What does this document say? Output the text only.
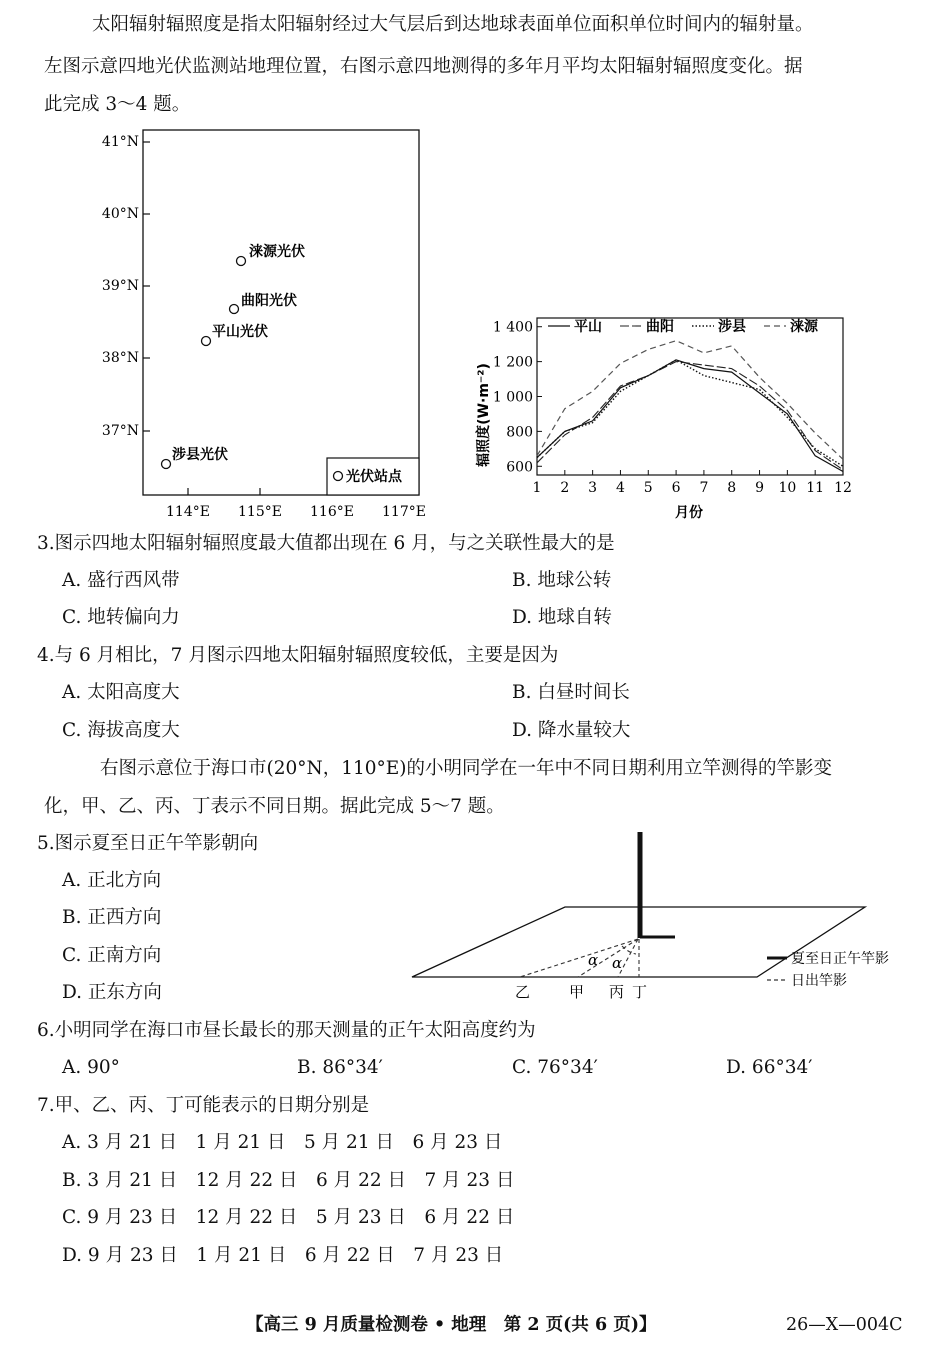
太阳辐射辐照度是指太阳辐射经过大气层后到达地球表面单位面积单位时间内的辐射量。
左图示意四地光伏监测站地理位置，右图示意四地测得的多年月平均太阳辐射辐照度变化。据
此完成 3～4 题。
41°N
40°N
39°N
38°N
37°N
114°E 115°E 116°E 117°E
涞源光伏
曲阳光伏
平山光伏
涉县光伏
光伏站点
600
800
1 000
1 200
1 400
1 2 3 4 5 6 7 8 9 10 11 12
平山	曲阳	涉县	涞源
辐照度(W·m⁻²)
月份
3.图示四地太阳辐射辐照度最大值都出现在 6 月，与之关联性最大的是
A. 盛行西风带	B. 地球公转
C. 地转偏向力	D. 地球自转
4.与 6 月相比，7 月图示四地太阳辐射辐照度较低，主要是因为
A. 太阳高度大	B. 白昼时间长
C. 海拔高度大	D. 降水量较大
右图示意位于海口市(20°N，110°E)的小明同学在一年中不同日期利用立竿测得的竿影变
化，甲、乙、丙、丁表示不同日期。据此完成 5～7 题。
5.图示夏至日正午竿影朝向
A. 正北方向
B. 正西方向
C. 正南方向
D. 正东方向
α α
乙	甲 丙 丁
夏至日正午竿影
日出竿影
6.小明同学在海口市昼长最长的那天测量的正午太阳高度约为
A. 90°	B. 86°34′	C. 76°34′	D. 66°34′
7.甲、乙、丙、丁可能表示的日期分别是
A. 3 月 21 日　1 月 21 日　5 月 21 日　6 月 23 日
B. 3 月 21 日　12 月 22 日　6 月 22 日　7 月 23 日
C. 9 月 23 日　12 月 22 日　5 月 23 日　6 月 22 日
D. 9 月 23 日　1 月 21 日　6 月 22 日　7 月 23 日
【高三 9 月质量检测卷 • 地理　第 2 页(共 6 页)】	26—X—004C
